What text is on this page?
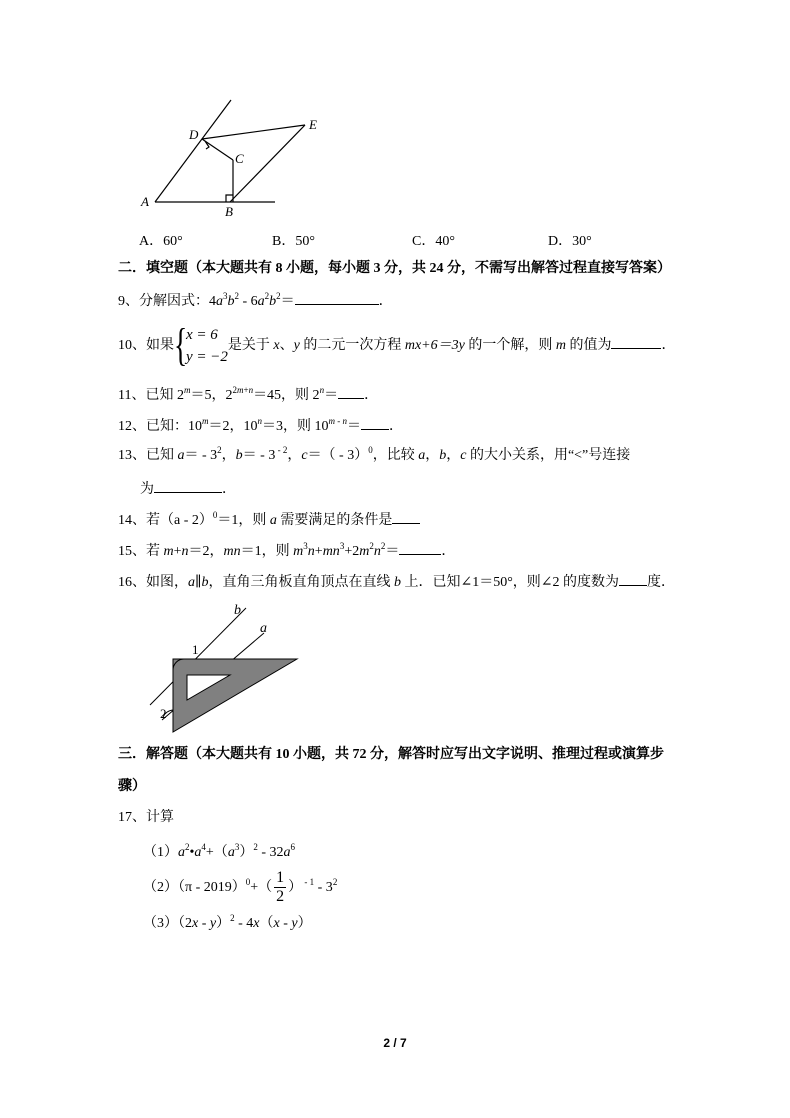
A
B
C
D
E
A．60°	B．50°	C．40°	D．30°
二．填空题（本大题共有 8 小题，每小题 3 分，共 24 分，不需写出解答过程直接写答案）
9、分解因式：$4a^3b^2 - 6a^2b^2=$	．
10、如果 {
x = 6
y = −2
是关于 x、y 的二元一次方程 mx+6＝3y 的一个解，则 m 的值为	．
11、已知 $2^m=5$，$2^{2m+n}=45$，则 $2^n=$ ．
12、已知：$10^m=2$，$10^n=3$，则 $10^{m - n}=$ ．
13、已知 $a= - 3^2$，b＝ - 3 $^{- 2}$，c＝（ - 3）$^0$，比较 a，b，c 的大小关系，用“<”号连接
为	．
14、若（a - 2）$^0$＝1，则 a 需要满足的条件是
15、若 m+n＝2，mn＝1，则 $m^3n+mn^3+2m^2n^2=$	．
16、如图，a∥b，直角三角板直角顶点在直线 b 上．已知∠1＝50°，则∠2 的度数为 度．
b
a
1
2
三．解答题（本大题共有 10 小题，共 72 分，解答时应写出文字说明、推理过程或演算步
骤）
17、计算
$(1)a^2•a^4+(a^3)^2 - 32a^6$
$(2)(\pi - 2019)^0+( \frac{1}{2}$ ） $^{- 1} - 3^2$
（3）（2x - y）$^2$ - 4x（x - y）
2 / 7
